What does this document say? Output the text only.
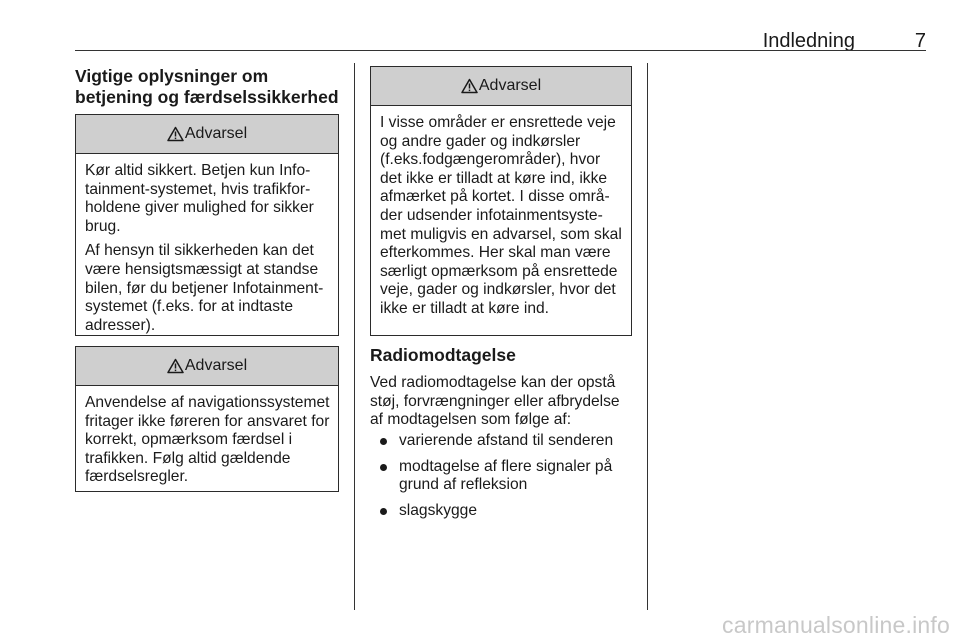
Indledning	7
Vigtige oplysninger om betjening og færdselssikkerhed
Advarsel

Kør altid sikkert. Betjen kun Infotainment-systemet, hvis trafikforholdene giver mulighed for sikker brug.

Af hensyn til sikkerheden kan det være hensigtsmæssigt at standse bilen, før du betjener Infotainment-systemet (f.eks. for at indtaste adresser).

Advarsel

Anvendelse af navigationssystemet fritager ikke føreren for ansvaret for korrekt, opmærksom færdsel i trafikken. Følg altid gældende færdselsregler.

Advarsel

I visse områder er ensrettede veje og andre gader og indkørsler (f.eks.fodgængerområder), hvor det ikke er tilladt at køre ind, ikke afmærket på kortet. I disse områder udsender infotainmentsystemet muligvis en advarsel, som skal efterkommes. Her skal man være særligt opmærksom på ensrettede veje, gader og indkørsler, hvor det ikke er tilladt at køre ind.

Radiomodtagelse
Ved radiomodtagelse kan der opstå støj, forvrængninger eller afbrydelse af modtagelsen som følge af:
varierende afstand til senderen
modtagelse af flere signaler på grund af refleksion
slagskygge
carmanualsonline.info
